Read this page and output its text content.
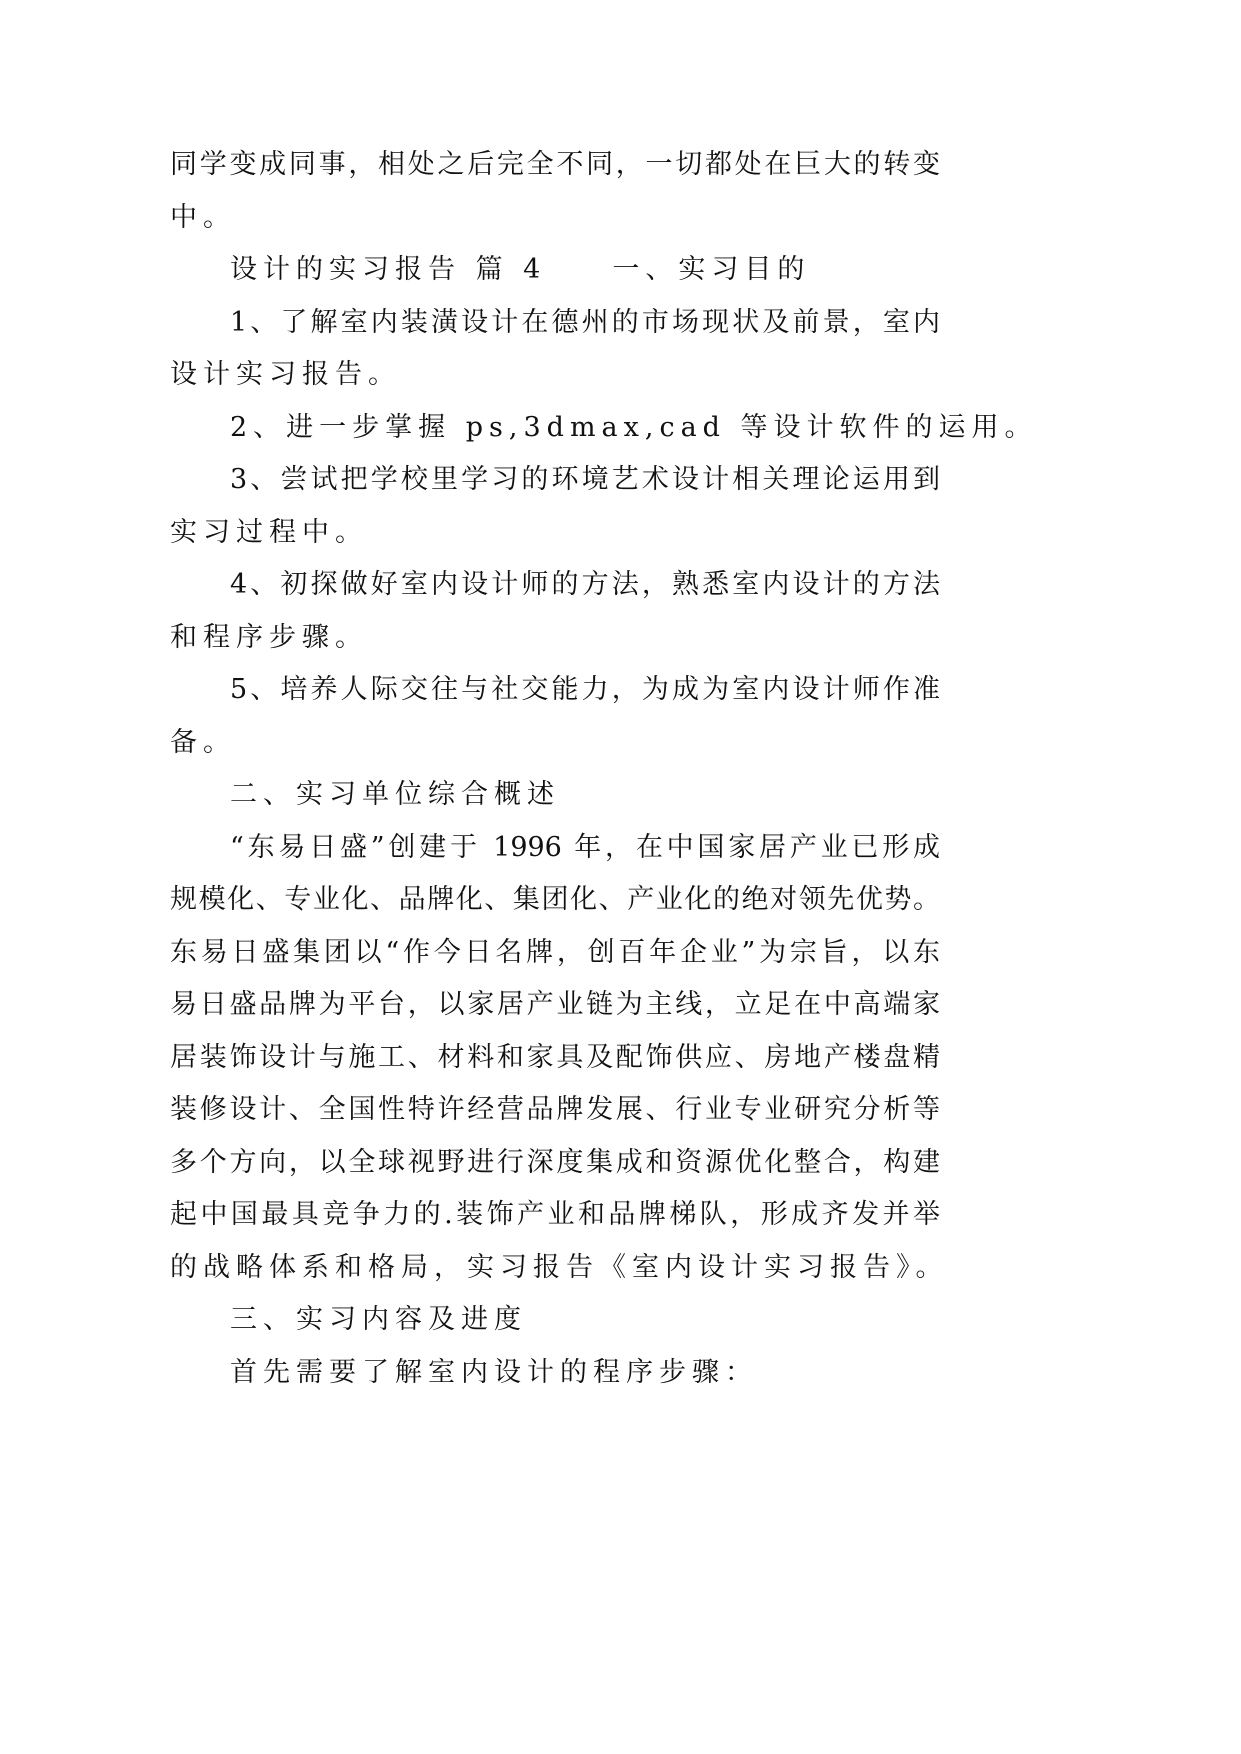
同学变成同事，相处之后完全不同，一切都处在巨大的转变
中。
设计的实习报告 篇 4　　一、实习目的
1、了解室内装潢设计在德州的市场现状及前景，室内
设计实习报告。
2、进一步掌握 ps,3dmax,cad 等设计软件的运用。
3、尝试把学校里学习的环境艺术设计相关理论运用到
实习过程中。
4、初探做好室内设计师的方法，熟悉室内设计的方法
和程序步骤。
5、培养人际交往与社交能力，为成为室内设计师作准
备。
二、实习单位综合概述
“东易日盛”创建于 1996 年，在中国家居产业已形成
规模化、专业化、品牌化、集团化、产业化的绝对领先优势。
东易日盛集团以“作今日名牌，创百年企业”为宗旨，以东
易日盛品牌为平台，以家居产业链为主线，立足在中高端家
居装饰设计与施工、材料和家具及配饰供应、房地产楼盘精
装修设计、全国性特许经营品牌发展、行业专业研究分析等
多个方向，以全球视野进行深度集成和资源优化整合，构建
起中国最具竞争力的.装饰产业和品牌梯队，形成齐发并举
的战略体系和格局，实习报告《室内设计实习报告》。
三、实习内容及进度
首先需要了解室内设计的程序步骤：
